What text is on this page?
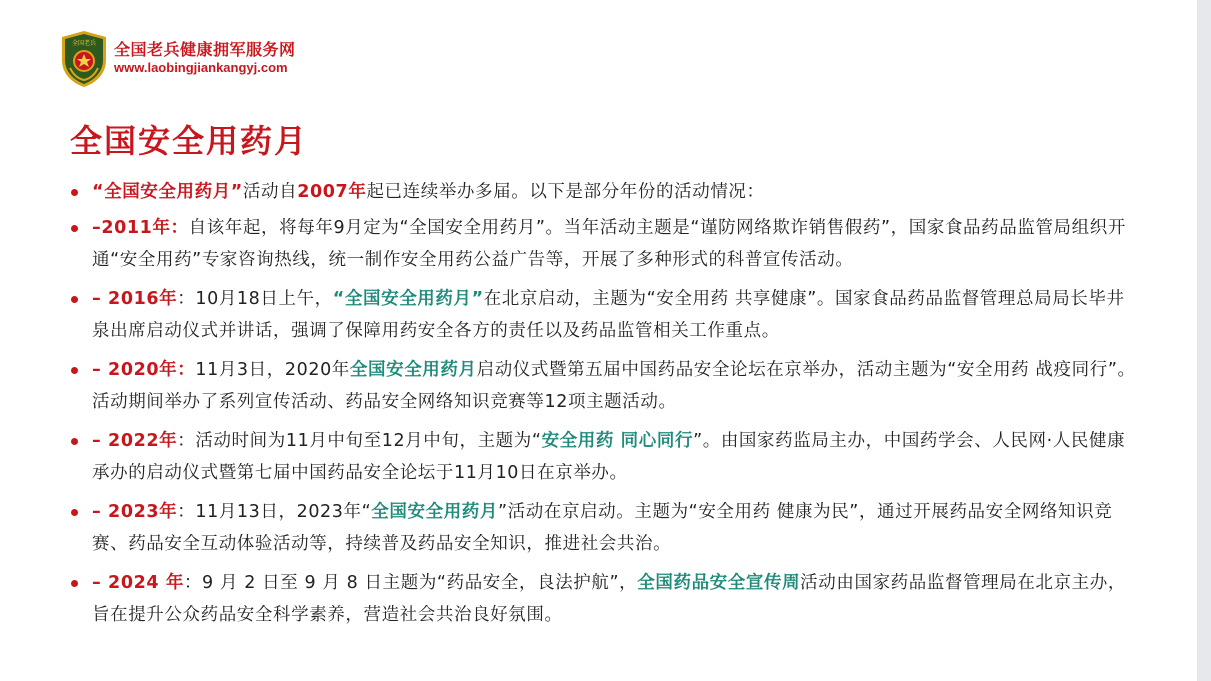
全国老兵 全国老兵健康拥军服务网
www.laobingjiankangyj.com
全国安全用药月
“全国安全用药月”活动自2007年起已连续举办多届。以下是部分年份的活动情况：
–2011年：自该年起，将每年9月定为“全国安全用药月”。当年活动主题是“谨防网络欺诈销售假药”，国家食品药品监管局组织开通“安全用药”专家咨询热线，统一制作安全用药公益广告等，开展了多种形式的科普宣传活动。
– 2016年：10月18日上午，“全国安全用药月”在北京启动，主题为“安全用药 共享健康”。国家食品药品监督管理总局局长毕井泉出席启动仪式并讲话，强调了保障用药安全各方的责任以及药品监管相关工作重点。
– 2020年：11月3日，2020年全国安全用药月启动仪式暨第五届中国药品安全论坛在京举办，活动主题为“安全用药 战疫同行”。活动期间举办了系列宣传活动、药品安全网络知识竞赛等12项主题活动。
– 2022年：活动时间为11月中旬至12月中旬，主题为“安全用药 同心同行”。由国家药监局主办，中国药学会、人民网·人民健康承办的启动仪式暨第七届中国药品安全论坛于11月10日在京举办。
– 2023年：11月13日，2023年“全国安全用药月”活动在京启动。主题为“安全用药 健康为民”，通过开展药品安全网络知识竞赛、药品安全互动体验活动等，持续普及药品安全知识，推进社会共治。
– 2024 年：9 月 2 日至 9 月 8 日主题为“药品安全，良法护航”，全国药品安全宣传周活动由国家药品监督管理局在北京主办，旨在提升公众药品安全科学素养，营造社会共治良好氛围。
